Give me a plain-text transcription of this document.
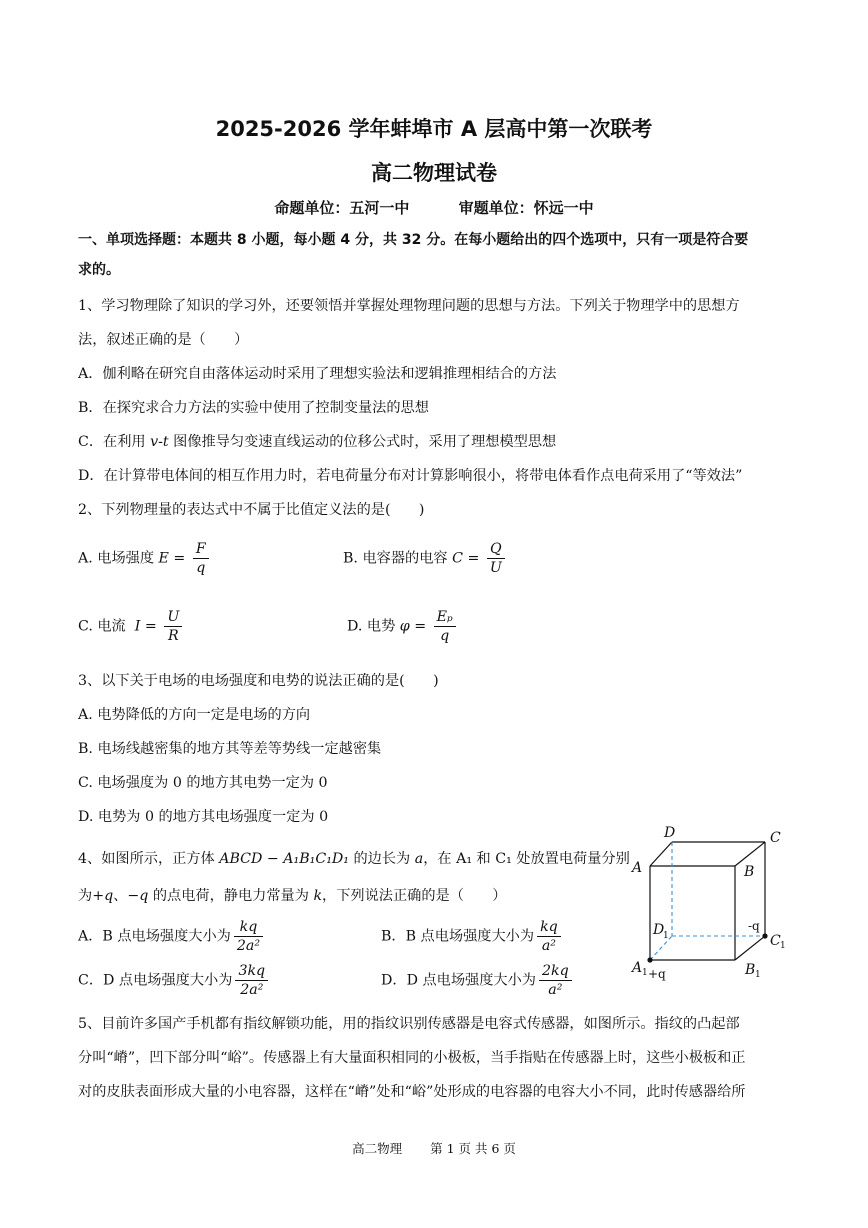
2025-2026 学年蚌埠市 A 层高中第一次联考
高二物理试卷
命题单位：五河一中	审题单位：怀远一中
一、单项选择题：本题共 8 小题，每小题 4 分，共 32 分。在每小题给出的四个选项中，只有一项是符合要
求的。
1、学习物理除了知识的学习外，还要领悟并掌握处理物理问题的思想与方法。下列关于物理学中的思想方
法，叙述正确的是（　　）
A．伽利略在研究自由落体运动时采用了理想实验法和逻辑推理相结合的方法
B．在探究求合力方法的实验中使用了控制变量法的思想
C．在利用 v-t 图像推导匀变速直线运动的位移公式时，采用了理想模型思想
D．在计算带电体间的相互作用力时，若电荷量分布对计算影响很小，将带电体看作点电荷采用了“等效法”
2、下列物理量的表达式中不属于比值定义法的是(　　)
A. 电场强度 $E = \frac{F}{q}$	B. 电容器的电容 $C = \frac{Q}{U}$
C. 电流 $I = \frac{U}{R}$	D. 电势 $\varphi = \frac{\text{Eₚ}}{q}$
3、以下关于电场的电场强度和电势的说法正确的是(　　)
A. 电势降低的方向一定是电场的方向
B. 电场线越密集的地方其等差等势线一定越密集
C. 电场强度为 0 的地方其电势一定为 0
D. 电势为 0 的地方其电场强度一定为 0
4、如图所示，正方体 ABCD − A₁B₁C₁D₁ 的边长为 a，在 A₁ 和 C₁ 处放置电荷量分别
为+q、−q 的点电荷，静电力常量为 k，下列说法正确的是（　　）
A．B 点电场强度大小为 $\frac{kq}{\text{2a²}}$	B．B 点电场强度大小为 $\frac{kq}{\text{a²}}$
C．D 点电场强度大小为 $\frac{3kq}{\text{2a²}}$	D．D 点电场强度大小为 $\frac{2kq}{\text{a²}}$
D	C
A	B
D
C
A	B
1
1
1	1
+q
-q
5、目前许多国产手机都有指纹解锁功能，用的指纹识别传感器是电容式传感器，如图所示。指纹的凸起部
分叫“嵴”，凹下部分叫“峪”。传感器上有大量面积相同的小极板，当手指贴在传感器上时，这些小极板和正
对的皮肤表面形成大量的小电容器，这样在“嵴”处和“峪”处形成的电容器的电容大小不同，此时传感器给所
高二物理 第 1 页 共 6 页
